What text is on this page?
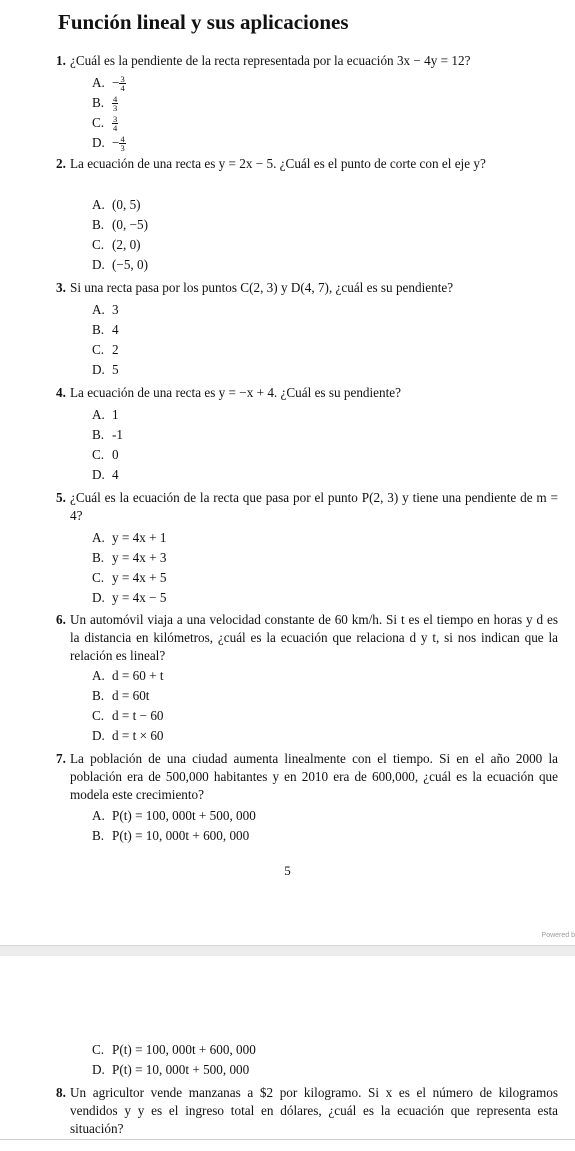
Función lineal y sus aplicaciones
1. ¿Cuál es la pendiente de la recta representada por la ecuación 3x − 4y = 12?
A. − $\frac{3}{4}$
B. $\frac{4}{3}$
C. $\frac{3}{4}$
D. − $\frac{4}{3}$
2. La ecuación de una recta es y = 2x − 5. ¿Cuál es el punto de corte con el eje y?
A. (0, 5)
B. (0, −5)
C. (2, 0)
D. (−5, 0)
3. Si una recta pasa por los puntos C(2, 3) y D(4, 7), ¿cuál es su pendiente?
A. 3
B. 4
C. 2
D. 5
4. La ecuación de una recta es y = −x + 4. ¿Cuál es su pendiente?
A. 1
B. -1
C. 0
D. 4
5. ¿Cuál es la ecuación de la recta que pasa por el punto P(2, 3) y tiene una pendiente de m = 4?
A. y = 4x + 1
B. y = 4x + 3
C. y = 4x + 5
D. y = 4x − 5
6. Un automóvil viaja a una velocidad constante de 60 km/h. Si t es el tiempo en horas y d es la distancia en kilómetros, ¿cuál es la ecuación que relaciona d y t, si nos indican que la relación es lineal?
A. d = 60 + t
B. d = 60t
C. d = t − 60
D. d = t × 60
7. La población de una ciudad aumenta linealmente con el tiempo. Si en el año 2000 la población era de 500,000 habitantes y en 2010 era de 600,000, ¿cuál es la ecuación que modela este crecimiento?
A. P(t) = 100, 000t + 500, 000
B. P(t) = 10, 000t + 600, 000
5
Powered b
C. P(t) = 100, 000t + 600, 000
D. P(t) = 10, 000t + 500, 000
8. Un agricultor vende manzanas a $2 por kilogramo. Si x es el número de kilogramos vendidos y y es el ingreso total en dólares, ¿cuál es la ecuación que representa esta situación?
